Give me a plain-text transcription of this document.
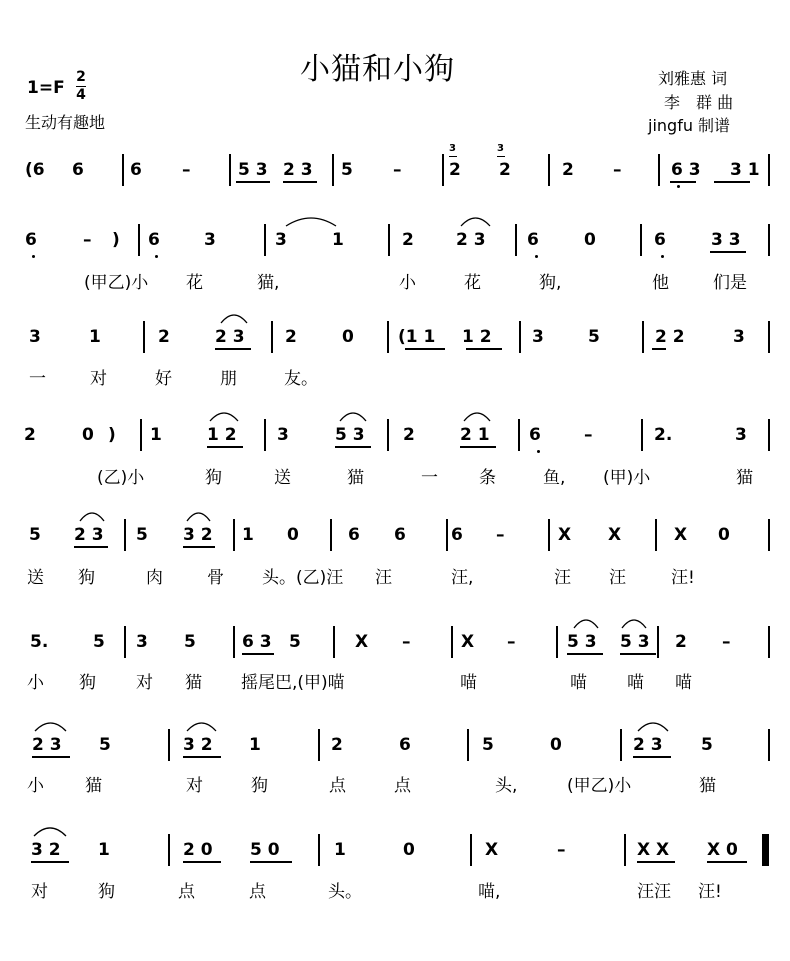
小猫和小狗
1=F
2
4
生动有趣地
刘雅惠 词
李　群 曲
jingfu 制谱
(6 6	6 –	5 3 2 3 5 –	2 2	2 –	6 3 3 1
6	– ) 6	3	3	1	2 2 3 6	0	6	3 3
(甲乙)小 花	猫,	小	花	狗,	他	们是
3	1	2	2 3 2	0	(1 1 1 2 3	5	2 2	3
一	对	好	朋	友。
2	0 ) 1	1 2 3	5 3 2	2 1 6	–	2.	3
(乙)小	狗	送	猫	一 条	鱼, (甲)小	猫
5 2 3 5 3 2 1 0	6 6	6 –	X X	X 0
送 狗	肉	骨 头。(乙)汪 汪	汪,	汪 汪	汪!
5.	5 3 5	6 3 5	X –	X –	5 3 5 3 2 –
小 狗 对 猫 摇尾巴,(甲)喵	喵	喵 喵 喵
2 3 5	3 2 1	2	6	5	0	2 3 5
小 猫	对	狗	点	点	头,	(甲乙)小	猫
3 2 1	2 0 5 0	1	0	X	–	X X X 0
对	狗	点	点	头。	喵,	汪汪 汪!
3	3
